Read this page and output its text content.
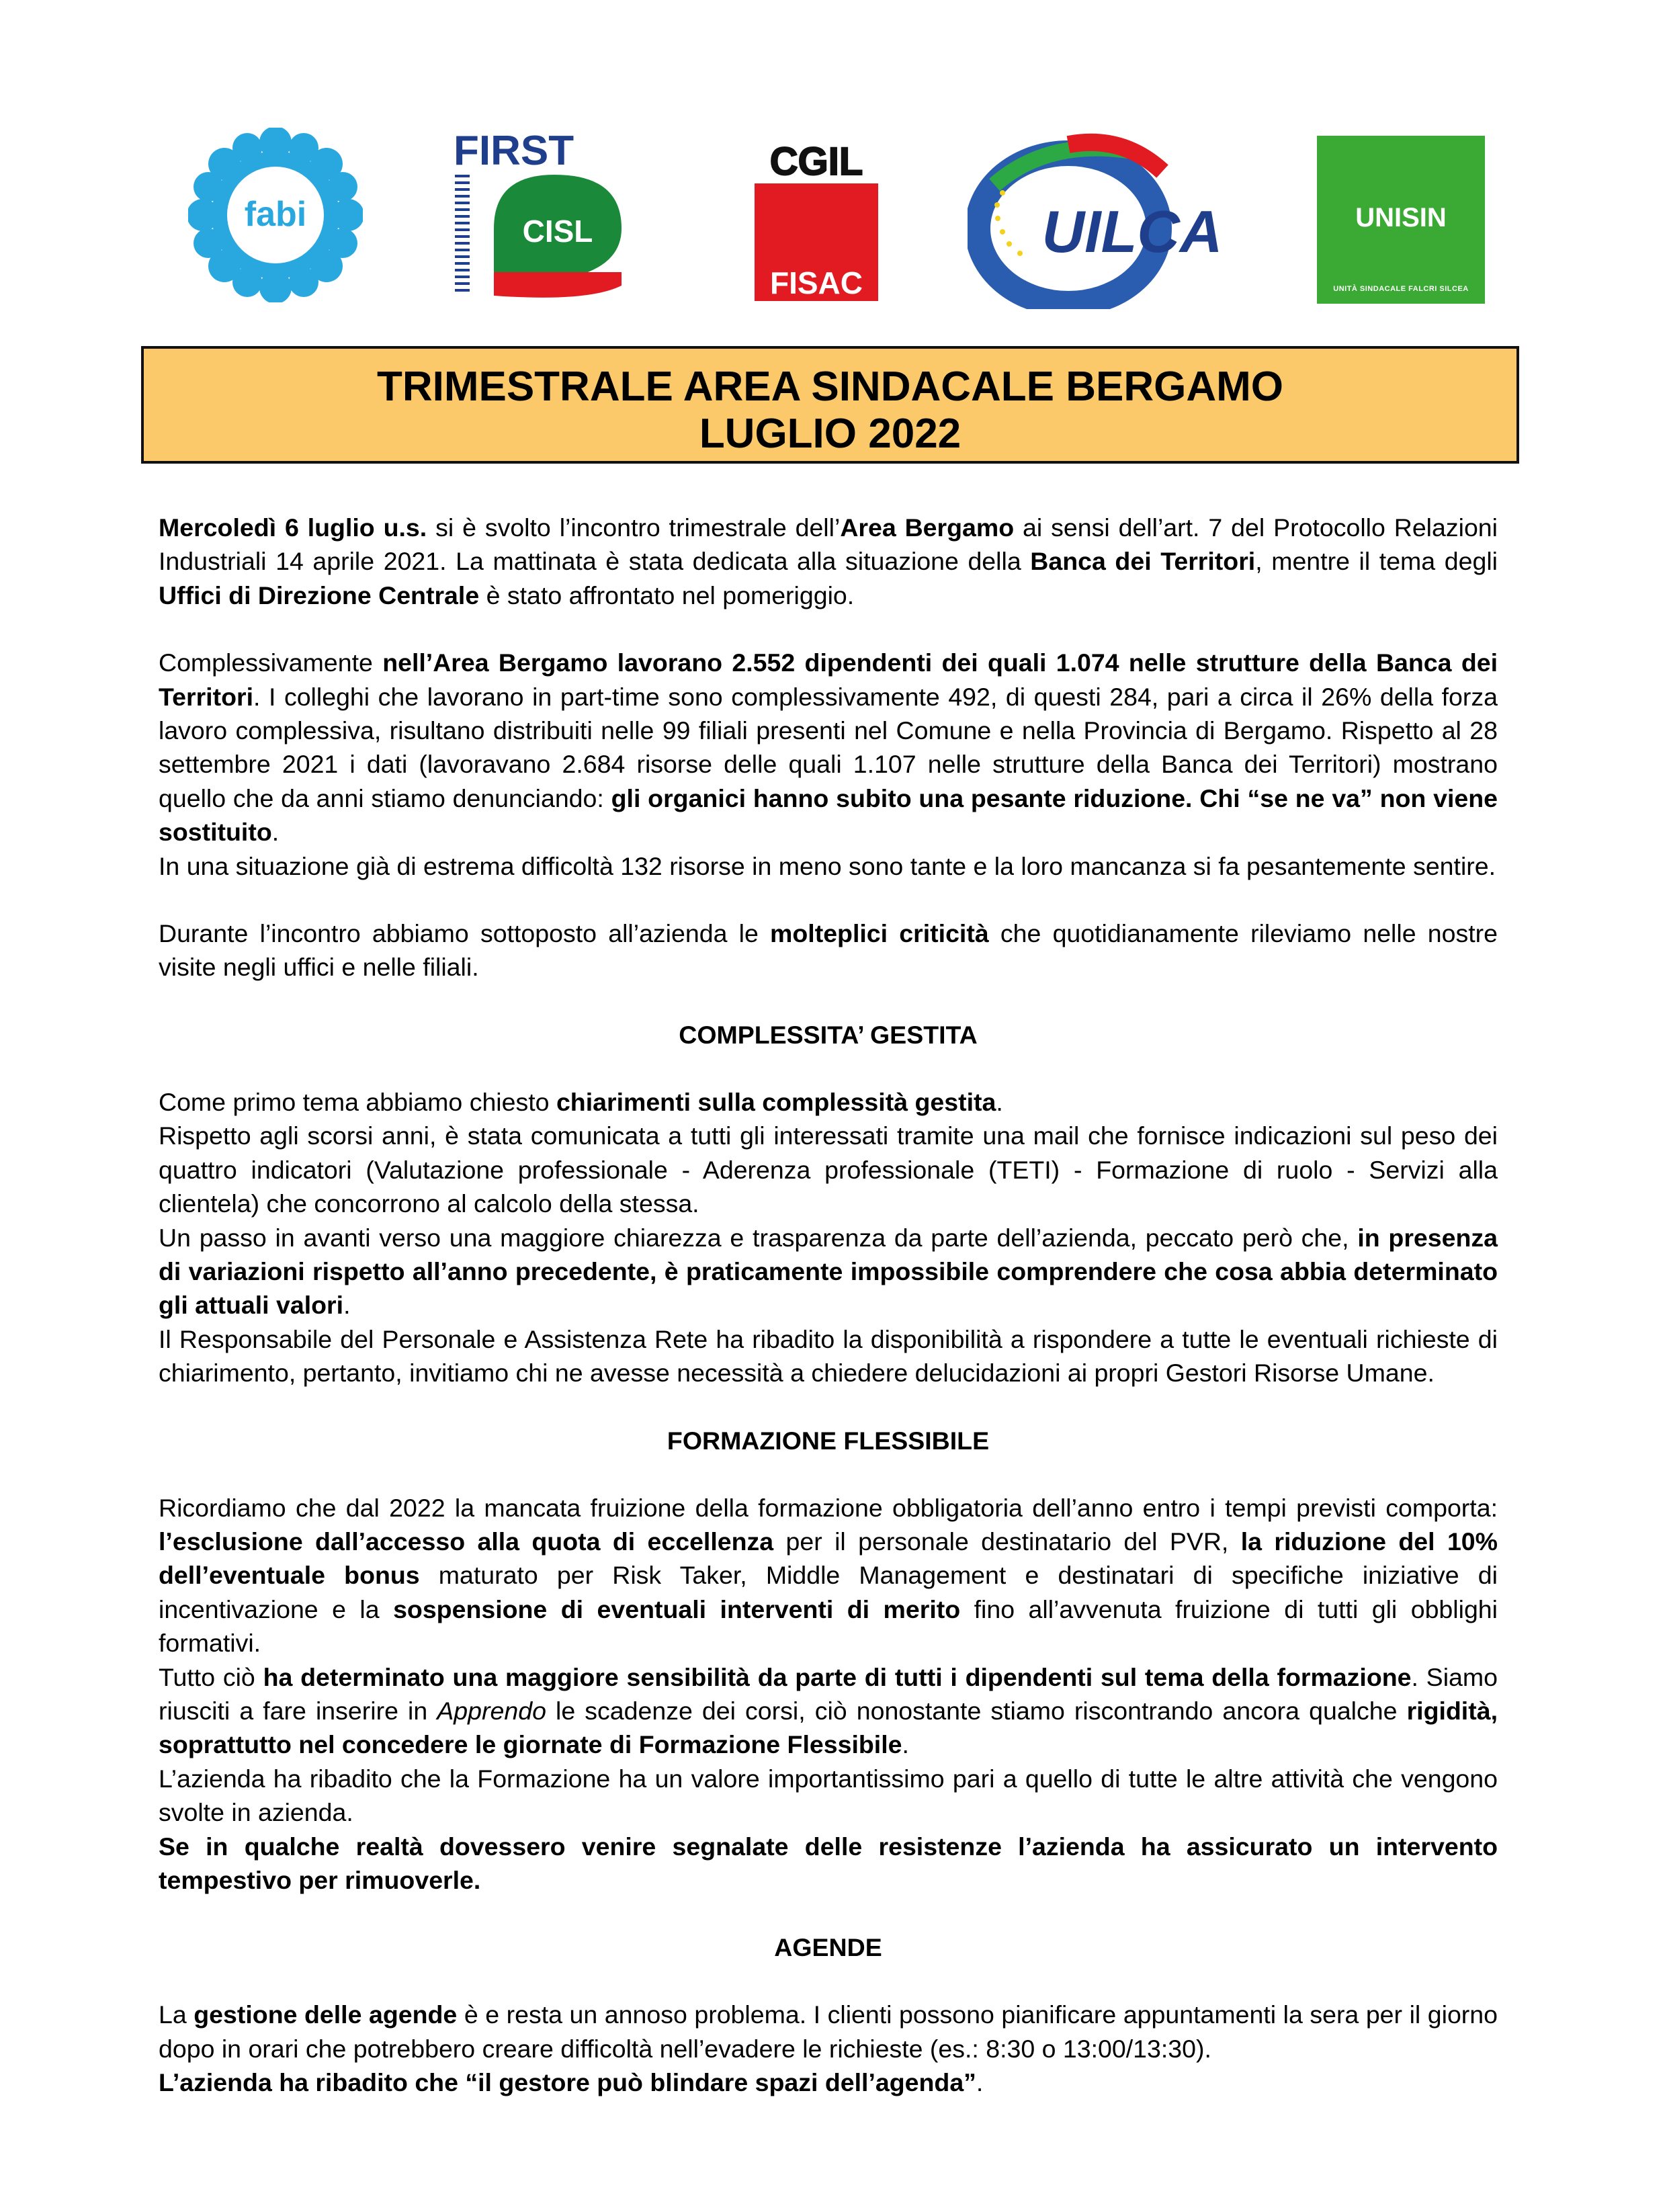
fabi
FIRST
CISL
CGIL
FISAC
UILCA	UNISIN
UNITÀ SINDACALE FALCRI SILCEA
TRIMESTRALE AREA SINDACALE BERGAMO
LUGLIO 2022

Mercoledì 6 luglio u.s. si è svolto l’incontro trimestrale dell’Area Bergamo ai sensi dell’art. 7 del Protocollo Relazioni Industriali 14 aprile 2021. La mattinata è stata dedicata alla situazione della Banca dei Territori, mentre il tema degli Uffici di Direzione Centrale è stato affrontato nel pomeriggio.

Complessivamente nell’Area Bergamo lavorano 2.552 dipendenti dei quali 1.074 nelle strutture della Banca dei Territori. I colleghi che lavorano in part-time sono complessivamente 492, di questi 284, pari a circa il 26% della forza lavoro complessiva, risultano distribuiti nelle 99 filiali presenti nel Comune e nella Provincia di Bergamo. Rispetto al 28 settembre 2021 i dati (lavoravano 2.684 risorse delle quali 1.107 nelle strutture della Banca dei Territori) mostrano quello che da anni stiamo denunciando: gli organici hanno subito una pesante riduzione. Chi “se ne va” non viene sostituito.

In una situazione già di estrema difficoltà 132 risorse in meno sono tante e la loro mancanza si fa pesantemente sentire.

Durante l’incontro abbiamo sottoposto all’azienda le molteplici criticità che quotidianamente rileviamo nelle nostre visite negli uffici e nelle filiali.

COMPLESSITA’ GESTITA

Come primo tema abbiamo chiesto chiarimenti sulla complessità gestita.

Rispetto agli scorsi anni, è stata comunicata a tutti gli interessati tramite una mail che fornisce indicazioni sul peso dei quattro indicatori (Valutazione professionale - Aderenza professionale (TETI) - Formazione di ruolo - Servizi alla clientela) che concorrono al calcolo della stessa.

Un passo in avanti verso una maggiore chiarezza e trasparenza da parte dell’azienda, peccato però che, in presenza di variazioni rispetto all’anno precedente, è praticamente impossibile comprendere che cosa abbia determinato gli attuali valori.

Il Responsabile del Personale e Assistenza Rete ha ribadito la disponibilità a rispondere a tutte le eventuali richieste di chiarimento, pertanto, invitiamo chi ne avesse necessità a chiedere delucidazioni ai propri Gestori Risorse Umane.

FORMAZIONE FLESSIBILE

Ricordiamo che dal 2022 la mancata fruizione della formazione obbligatoria dell’anno entro i tempi previsti comporta: l’esclusione dall’accesso alla quota di eccellenza per il personale destinatario del PVR, la riduzione del 10% dell’eventuale bonus maturato per Risk Taker, Middle Management e destinatari di specifiche iniziative di incentivazione e la sospensione di eventuali interventi di merito fino all’avvenuta fruizione di tutti gli obblighi formativi.

Tutto ciò ha determinato una maggiore sensibilità da parte di tutti i dipendenti sul tema della formazione. Siamo riusciti a fare inserire in Apprendo le scadenze dei corsi, ciò nonostante stiamo riscontrando ancora qualche rigidità, soprattutto nel concedere le giornate di Formazione Flessibile.

L’azienda ha ribadito che la Formazione ha un valore importantissimo pari a quello di tutte le altre attività che vengono svolte in azienda.

Se in qualche realtà dovessero venire segnalate delle resistenze l’azienda ha assicurato un intervento tempestivo per rimuoverle.

AGENDE

La gestione delle agende è e resta un annoso problema. I clienti possono pianificare appuntamenti la sera per il giorno dopo in orari che potrebbero creare difficoltà nell’evadere le richieste (es.: 8:30 o 13:00/13:30).

L’azienda ha ribadito che “il gestore può blindare spazi dell’agenda”.
